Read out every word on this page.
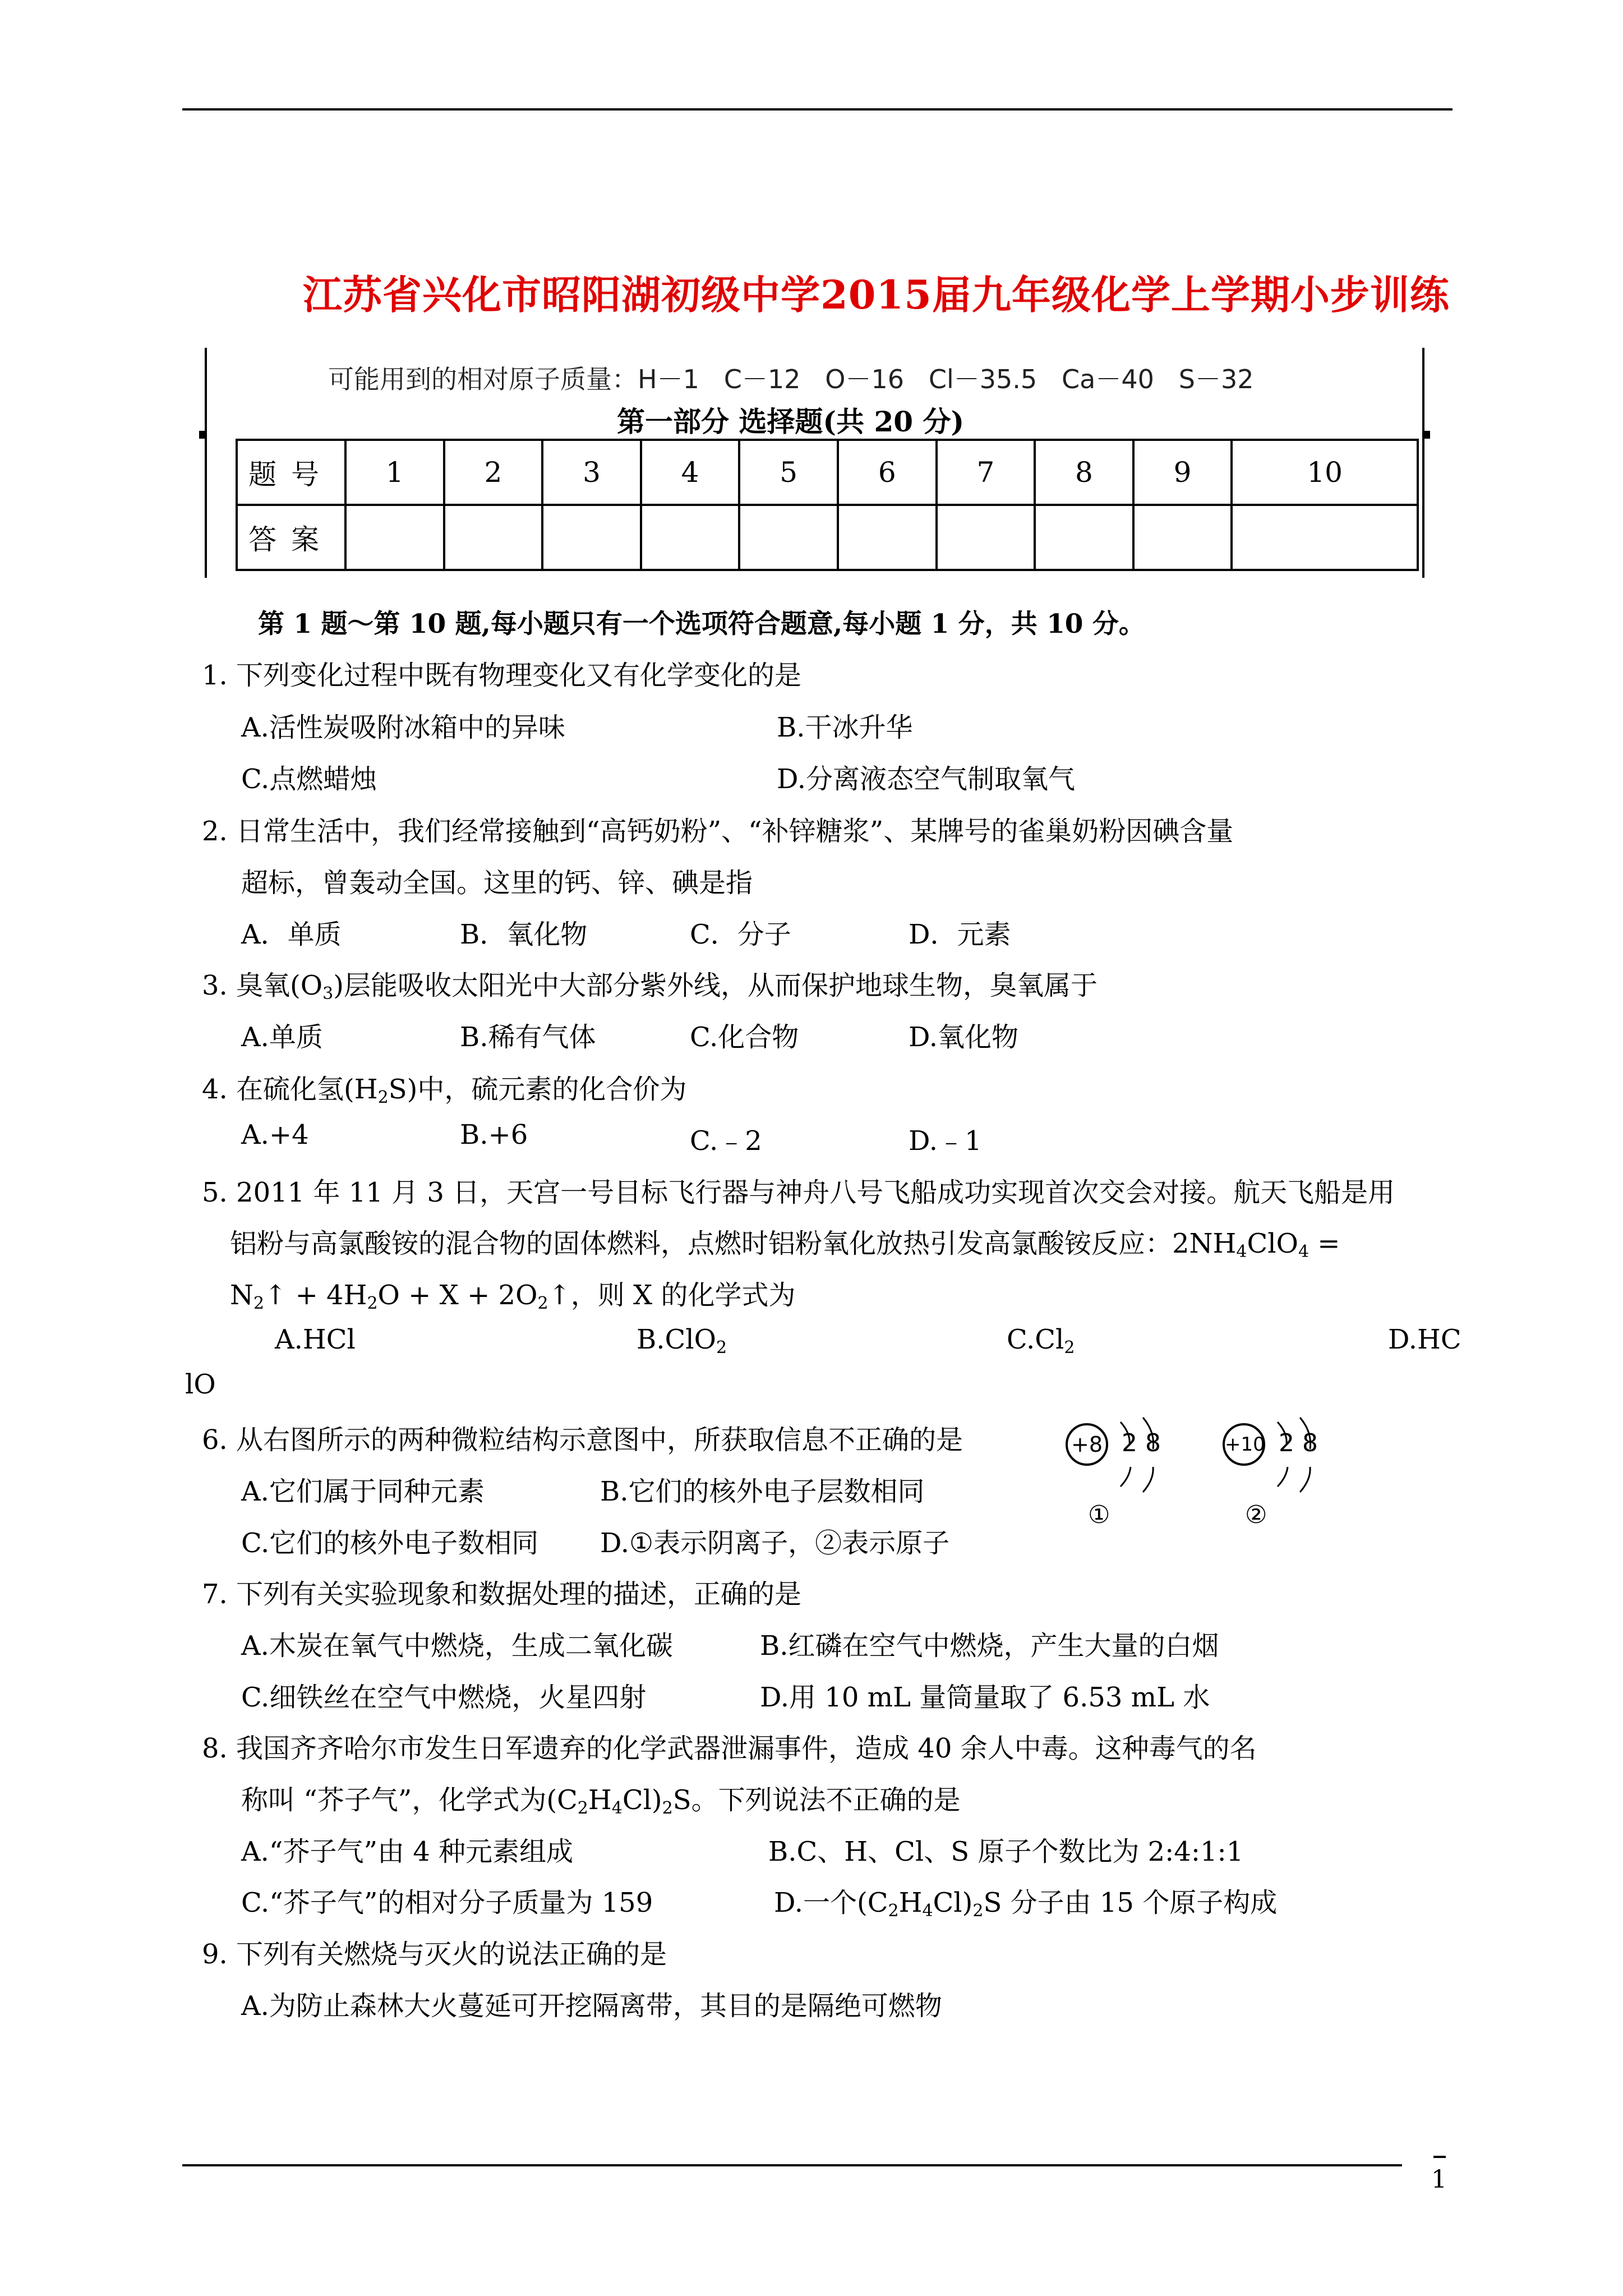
江苏省兴化市昭阳湖初级中学2015届九年级化学上学期小步训练
可能用到的相对原子质量：H－1   C－12   O－16   Cl－35.5   Ca－40   S－32
第一部分 选择题(共 20 分)
题号	1	2	3	4	5	6	7	8	9	10
答案										
第 1 题～第 10 题,每小题只有一个选项符合题意,每小题 1 分，共 10 分。
1. 下列变化过程中既有物理变化又有化学变化的是
A.活性炭吸附冰箱中的异味	B.干冰升华
C.点燃蜡烛	D.分离液态空气制取氧气
2. 日常生活中，我们经常接触到“高钙奶粉”、“补锌糖浆”、某牌号的雀巢奶粉因碘含量
超标，曾轰动全国。这里的钙、锌、碘是指
A．单质	B．氧化物	C．分子	D．元素
3. 臭氧$(O_3)$层能吸收太阳光中大部分紫外线，从而保护地球生物，臭氧属于
A.单质	B.稀有气体	C.化合物	D.氧化物
4. 在硫化氢$(H_2S)$中，硫元素的化合价为
A.+4	B.+6	C.﹣2	D.﹣1
5. 2011 年 11 月 3 日，天宫一号目标飞行器与神舟八号飞船成功实现首次交会对接。航天飞船是用
铝粉与高氯酸铵的混合物的固体燃料，点燃时铝粉氧化放热引发高氯酸铵反应：$2NH_4ClO_4$ =
$N_2↑ + 4H_2O + X$ + $2O_2↑$，则 X 的化学式为
A.HCl	B.ClO$_2$	$C.Cl_2$	D.HC
lO
6. 从右图所示的两种微粒结构示意图中，所获取信息不正确的是
A.它们属于同种元素	B.它们的核外电子层数相同
C.它们的核外电子数相同 D.①表示阴离子，②表示原子
+8 2 8
①
+10 2 8
②
7. 下列有关实验现象和数据处理的描述，正确的是
A.木炭在氧气中燃烧，生成二氧化碳	B.红磷在空气中燃烧，产生大量的白烟
C.细铁丝在空气中燃烧，火星四射	D.用 10 mL 量筒量取了 6.53 mL 水
8. 我国齐齐哈尔市发生日军遗弃的化学武器泄漏事件，造成 40 余人中毒。这种毒气的名
称叫 “芥子气”，化学式为$(C_2H_4Cl)_2S$。下列说法不正确的是
A.“芥子气”由 4 种元素组成	B.C、H、Cl、S 原子个数比为 2:4:1:1
C.“芥子气”的相对分子质量为 159	D.一个$(C_2H_4Cl)_2S$ 分子由 15 个原子构成
9. 下列有关燃烧与灭火的说法正确的是
A.为防止森林大火蔓延可开挖隔离带，其目的是隔绝可燃物
1
